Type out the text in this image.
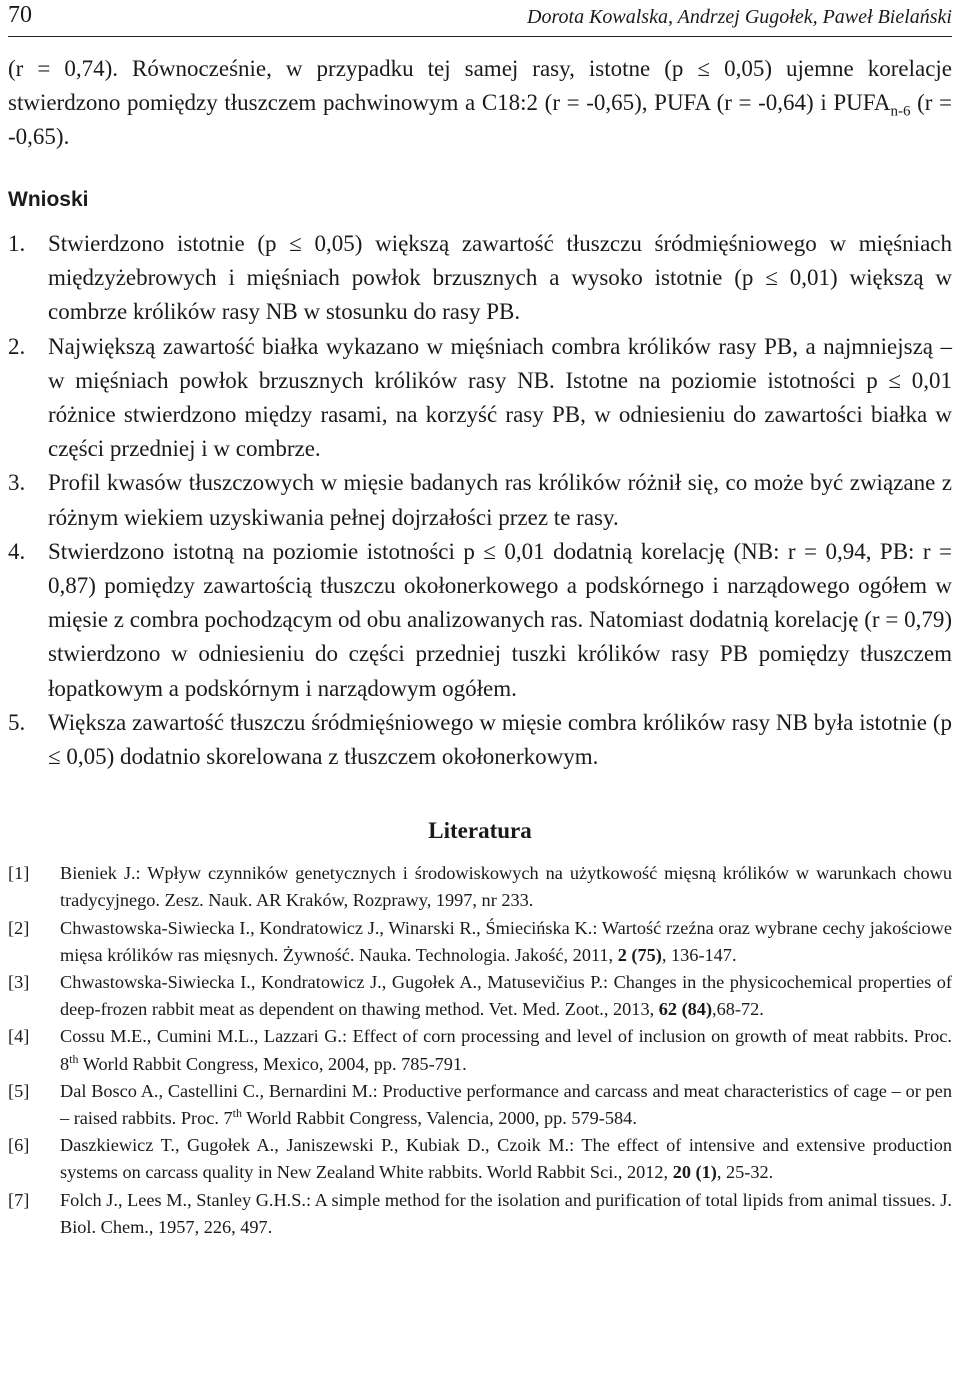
70	Dorota Kowalska, Andrzej Gugołek, Paweł Bielański

(r = 0,74). Równocześnie, w przypadku tej samej rasy, istotne (p ≤ 0,05) ujemne korelacje stwierdzono pomiędzy tłuszczem pachwinowym a C18:2 (r = -0,65), PUFA (r = -0,64) i $PUFA_{n-6}$ (r = -0,65).

Wnioski
1. Stwierdzono istotnie (p ≤ 0,05) większą zawartość tłuszczu śródmięśniowego w mięśniach międzyżebrowych i mięśniach powłok brzusznych a wysoko istotnie (p ≤ 0,01) większą w combrze królików rasy NB w stosunku do rasy PB.
2. Największą zawartość białka wykazano w mięśniach combra królików rasy PB, a najmniejszą – w mięśniach powłok brzusznych królików rasy NB. Istotne na poziomie istotności p ≤ 0,01 różnice stwierdzono między rasami, na korzyść rasy PB, w odniesieniu do zawartości białka w części przedniej i w combrze.
3. Profil kwasów tłuszczowych w mięsie badanych ras królików różnił się, co może być związane z różnym wiekiem uzyskiwania pełnej dojrzałości przez te rasy.
4. Stwierdzono istotną na poziomie istotności p ≤ 0,01 dodatnią korelację (NB: r = 0,94, PB: r = 0,87) pomiędzy zawartością tłuszczu okołonerkowego a podskórnego i narządowego ogółem w mięsie z combra pochodzącym od obu analizowanych ras. Natomiast dodatnią korelację (r = 0,79) stwierdzono w odniesieniu do części przedniej tuszki królików rasy PB pomiędzy tłuszczem łopatkowym a podskórnym i narządowym ogółem.
5. Większa zawartość tłuszczu śródmięśniowego w mięsie combra królików rasy NB była istotnie (p ≤ 0,05) dodatnio skorelowana z tłuszczem okołonerkowym.
Literatura
[1] Bieniek J.: Wpływ czynników genetycznych i środowiskowych na użytkowość mięsną królików w warunkach chowu tradycyjnego. Zesz. Nauk. AR Kraków, Rozprawy, 1997, nr 233.
[2] Chwastowska-Siwiecka I., Kondratowicz J., Winarski R., Śmiecińska K.: Wartość rzeźna oraz wybrane cechy jakościowe mięsa królików ras mięsnych. Żywność. Nauka. Technologia. Jakość, 2011, 2 (75), 136-147.
[3] Chwastowska-Siwiecka I., Kondratowicz J., Gugołek A., Matusevičius P.: Changes in the physicochemical properties of deep-frozen rabbit meat as dependent on thawing method. Vet. Med. Zoot., 2013, 62 (84),68-72.
[4] Cossu M.E., Cumini M.L., Lazzari G.: Effect of corn processing and level of inclusion on growth of meat rabbits. Proc. 8th World Rabbit Congress, Mexico, 2004, pp. 785-791.
[5] Dal Bosco A., Castellini C., Bernardini M.: Productive performance and carcass and meat characteristics of cage – or pen – raised rabbits. Proc. 7th World Rabbit Congress, Valencia, 2000, pp. 579-584.
[6] Daszkiewicz T., Gugołek A., Janiszewski P., Kubiak D., Czoik M.: The effect of intensive and extensive production systems on carcass quality in New Zealand White rabbits. World Rabbit Sci., 2012, 20 (1), 25-32.
[7] Folch J., Lees M., Stanley G.H.S.: A simple method for the isolation and purification of total lipids from animal tissues. J. Biol. Chem., 1957, 226, 497.
